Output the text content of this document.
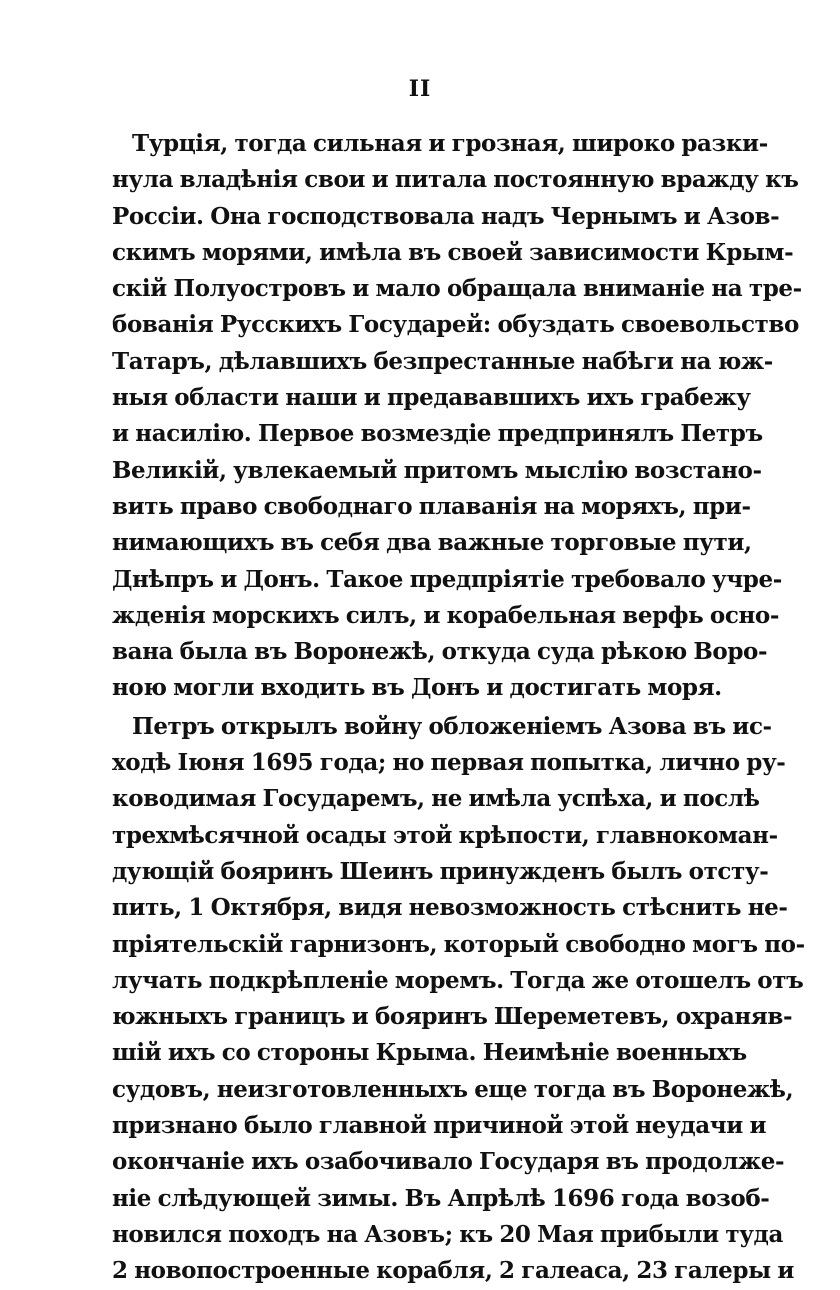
II
Турція, тогда сильная и грозная, широко разки-
нула владѣнія свои и питала постоянную вражду къ
Россіи. Она господствовала надъ Чернымъ и Азов-
скимъ морями, имѣла въ своей зависимости Крым-
скій Полуостровъ и мало обращала вниманіе на тре-
бованія Русскихъ Государей: обуздать своевольство
Татаръ, дѣлавшихъ безпрестанные набѣги на юж-
ныя области наши и предававшихъ ихъ грабежу
и насилію. Первое возмездіе предпринялъ Петръ
Великій, увлекаемый притомъ мыслію возстано-
вить право свободнаго плаванія на моряхъ, при-
нимающихъ въ себя два важные торговые пути,
Днѣпръ и Донъ. Такое предпріятіе требовало учре-
жденія морскихъ силъ, и корабельная верфь осно-
вана была въ Воронежѣ, откуда суда рѣкою Воро-
ною могли входить въ Донъ и достигать моря.
Петръ открылъ войну обложеніемъ Азова въ ис-
ходѣ Іюня 1695 года; но первая попытка, лично ру-
ководимая Государемъ, не имѣла успѣха, и послѣ
трехмѣсячной осады этой крѣпости, главнокоман-
дующій бояринъ Шеинъ принужденъ былъ отсту-
пить, 1 Октября, видя невозможность стѣснить не-
пріятельскій гарнизонъ, который свободно могъ по-
лучать подкрѣпленіе моремъ. Тогда же отошелъ отъ
южныхъ границъ и бояринъ Шереметевъ, охраняв-
шій ихъ со стороны Крыма. Неимѣніе военныхъ
судовъ, неизготовленныхъ еще тогда въ Воронежѣ,
признано было главной причиной этой неудачи и
окончаніе ихъ озабочивало Государя въ продолже-
ніе слѣдующей зимы. Въ Апрѣлѣ 1696 года возоб-
новился походъ на Азовъ; къ 20 Мая прибыли туда
2 новопостроенные корабля, 2 галеаса, 23 галеры и
